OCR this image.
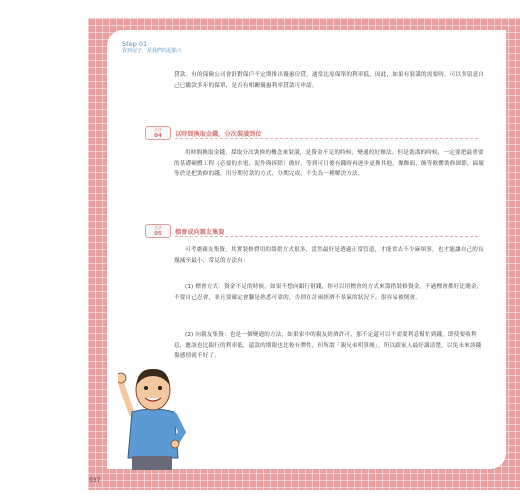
Step 01
買到房子，是我們的起點大
貸款。有的保險公司會針對保戶不定期推出優惠房貸，通常比原保單的利率低，因此，如果有裝潢的需要時，可以多留意自己已繳款多年的保單，是否有相關優惠利率貸款可申請。
方法
04	以時間換取金錢，分次裝潢到位
用時間換取金錢，採取分次裝修的概念來裝潢，是資金不足的時候，變通的好辦法。但是裝潢的時候，一定要把最重要的基礎硬體工程（必要的水電、泥作與拆除）做好，等到可日後有錢時再逐步更換其他，像飾面，飾等軟體裝修細節，搞壞等於是把裝修的錢，用分期付款的方式，分期完成，不失為一種解決方法。
方法
05	標會或向親友集資
可考慮親友集資，其實裝修費用的籌措方式很多，當然最好是透過正常管道，才能省去不少麻煩事，也才能讓自己的良幾減至最小，常見的方法有：
(1) 標會方式：資金不足的時候，如果不想向銀行借錢，你可以用標會的方式來籌措裝修資金，不過標會都好比賭金，不要自己忍會，並且要確定會腳是熟悉可靠的，否則在計兩經濟不景氣的狀況下，很容易被倒會。
(2) 向親友集資：也是一個變通的方法，如果家中的親友經濟許可，那不定還可以不需要利息幫忙到錢，即使要收利息，應該也比銀行的利率低，還款的期限也比較有彈性，但所謂「親兄弟明算帳」，所以跟家人最好講清楚，以免未來該錢傷感情就不好了。
037
